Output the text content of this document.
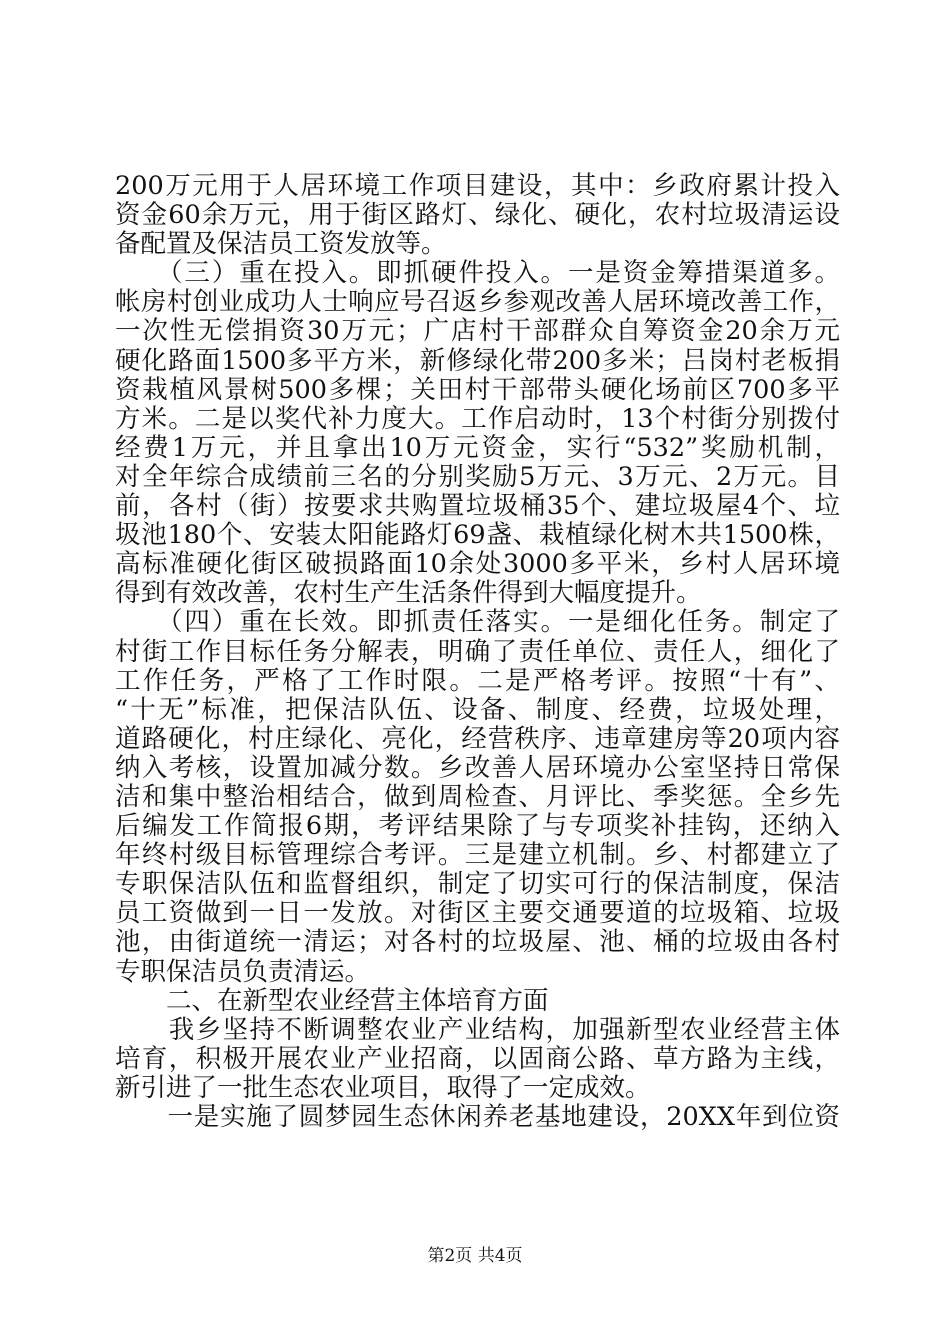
200万元用于人居环境工作项目建设，其中：乡政府累计投入
资金60余万元，用于街区路灯、绿化、硬化，农村垃圾清运设
备配置及保洁员工资发放等。
　　（三）重在投入。即抓硬件投入。一是资金筹措渠道多。
帐房村创业成功人士响应号召返乡参观改善人居环境改善工作，
一次性无偿捐资30万元；广店村干部群众自筹资金20余万元
硬化路面1500多平方米，新修绿化带200多米；吕岗村老板捐
资栽植风景树500多棵；关田村干部带头硬化场前区700多平
方米。二是以奖代补力度大。工作启动时，13个村街分别拨付
经费1万元，并且拿出10万元资金，实行“532”奖励机制，
对全年综合成绩前三名的分别奖励5万元、3万元、2万元。目
前，各村（街）按要求共购置垃圾桶35个、建垃圾屋4个、垃
圾池180个、安装太阳能路灯69盏、栽植绿化树木共1500株，
高标准硬化街区破损路面10余处3000多平米，乡村人居环境
得到有效改善，农村生产生活条件得到大幅度提升。
　　（四）重在长效。即抓责任落实。一是细化任务。制定了
村街工作目标任务分解表，明确了责任单位、责任人，细化了
工作任务，严格了工作时限。二是严格考评。按照“十有”、
“十无”标准，把保洁队伍、设备、制度、经费，垃圾处理，
道路硬化，村庄绿化、亮化，经营秩序、违章建房等20项内容
纳入考核，设置加减分数。乡改善人居环境办公室坚持日常保
洁和集中整治相结合，做到周检查、月评比、季奖惩。全乡先
后编发工作简报6期，考评结果除了与专项奖补挂钩，还纳入
年终村级目标管理综合考评。三是建立机制。乡、村都建立了
专职保洁队伍和监督组织，制定了切实可行的保洁制度，保洁
员工资做到一日一发放。对街区主要交通要道的垃圾箱、垃圾
池，由街道统一清运；对各村的垃圾屋、池、桶的垃圾由各村
专职保洁员负责清运。
　　二、在新型农业经营主体培育方面
　　我乡坚持不断调整农业产业结构，加强新型农业经营主体
培育，积极开展农业产业招商，以固商公路、草方路为主线，
新引进了一批生态农业项目，取得了一定成效。
　　一是实施了圆梦园生态休闲养老基地建设，20XX年到位资
第2页 共4页
